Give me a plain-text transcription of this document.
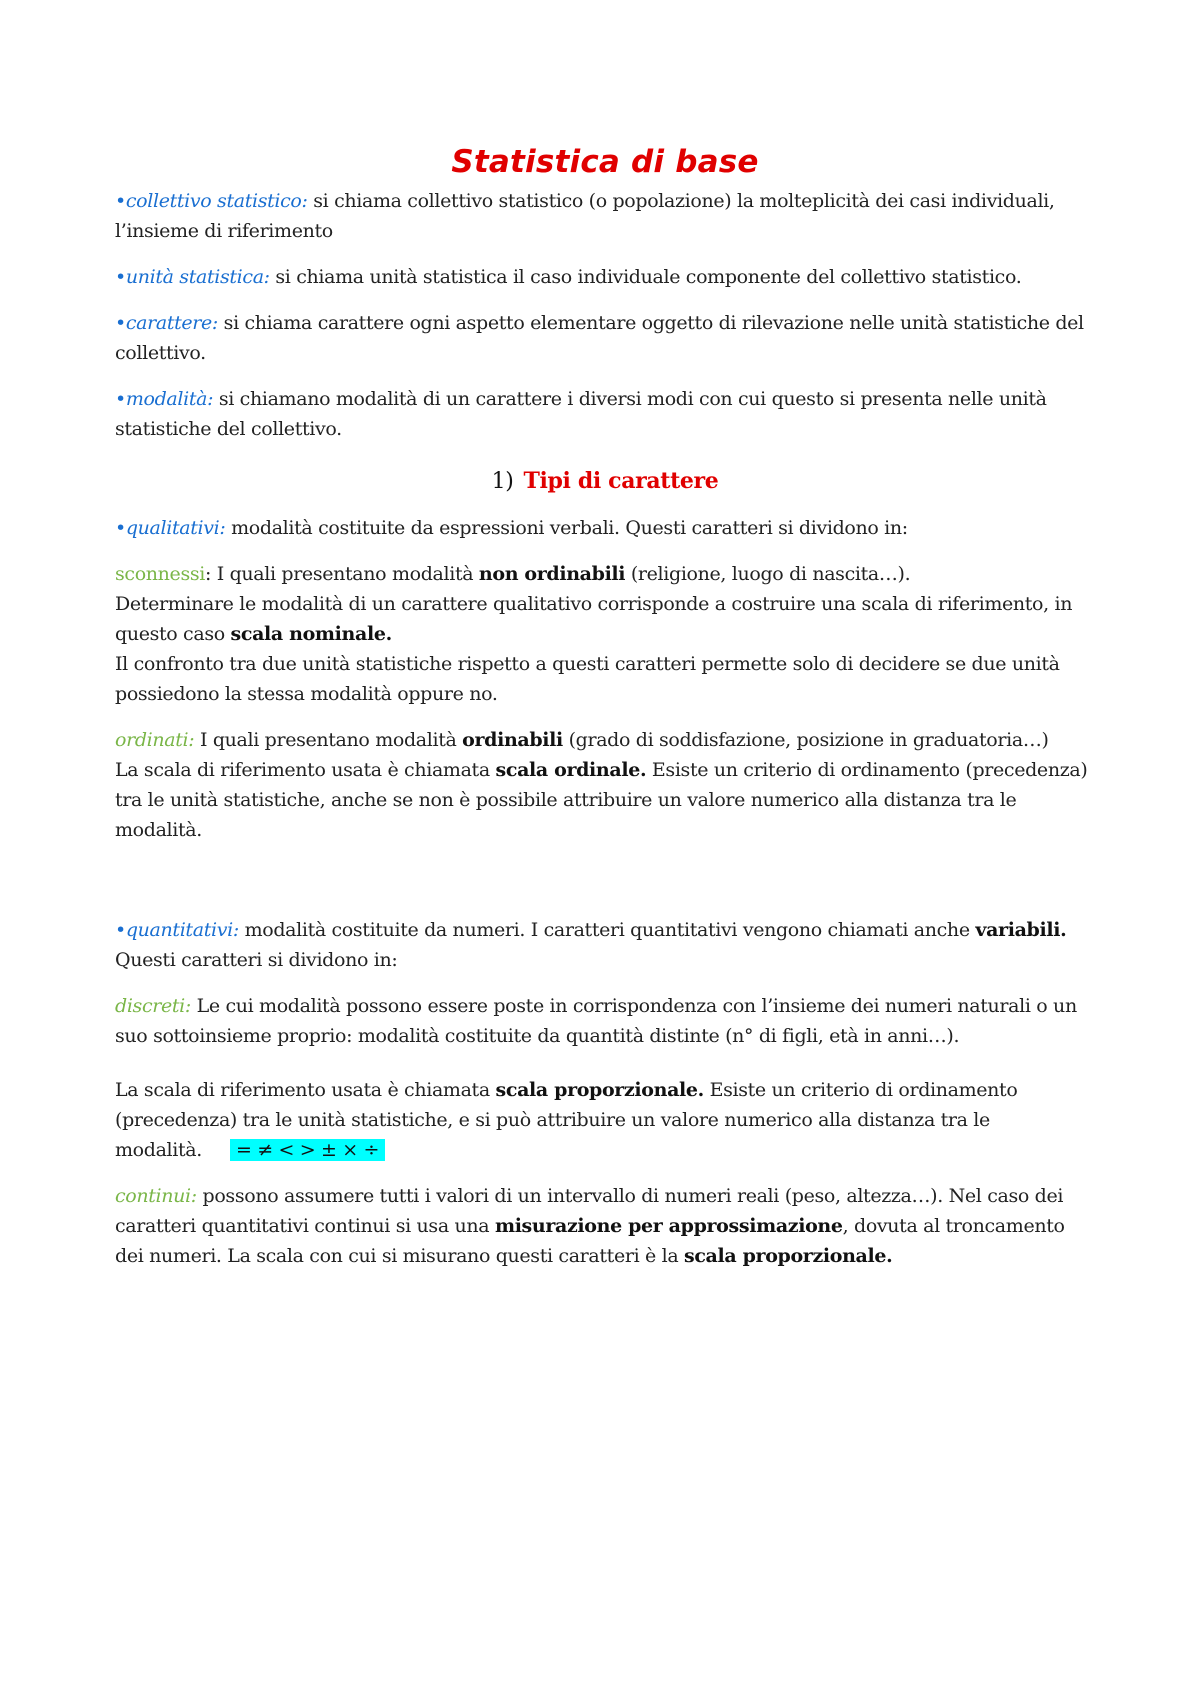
Statistica di base

•collettivo statistico: si chiama collettivo statistico (o popolazione) la molteplicità dei casi individuali, l’insieme di riferimento

•unità statistica: si chiama unità statistica il caso individuale componente del collettivo statistico.

•carattere: si chiama carattere ogni aspetto elementare oggetto di rilevazione nelle unità statistiche del collettivo.

•modalità: si chiamano modalità di un carattere i diversi modi con cui questo si presenta nelle unità statistiche del collettivo.

1) Tipi di carattere

•qualitativi: modalità costituite da espressioni verbali. Questi caratteri si dividono in:

sconnessi: I quali presentano modalità non ordinabili (religione, luogo di nascita…).
Determinare le modalità di un carattere qualitativo corrisponde a costruire una scala di riferimento, in questo caso scala nominale.
Il confronto tra due unità statistiche rispetto a questi caratteri permette solo di decidere se due unità possiedono la stessa modalità oppure no.

ordinati: I quali presentano modalità ordinabili (grado di soddisfazione, posizione in graduatoria…)
La scala di riferimento usata è chiamata scala ordinale. Esiste un criterio di ordinamento (precedenza) tra le unità statistiche, anche se non è possibile attribuire un valore numerico alla distanza tra le modalità.

•quantitativi: modalità costituite da numeri. I caratteri quantitativi vengono chiamati anche variabili. Questi caratteri si dividono in:

discreti: Le cui modalità possono essere poste in corrispondenza con l’insieme dei numeri naturali o un suo sottoinsieme proprio: modalità costituite da quantità distinte (n° di figli, età in anni…).

La scala di riferimento usata è chiamata scala proporzionale. Esiste un criterio di ordinamento (precedenza) tra le unità statistiche, e si può attribuire un valore numerico alla distanza tra le modalità. = ≠ < > ± × ÷

continui: possono assumere tutti i valori di un intervallo di numeri reali (peso, altezza…). Nel caso dei caratteri quantitativi continui si usa una misurazione per approssimazione, dovuta al troncamento dei numeri. La scala con cui si misurano questi caratteri è la scala proporzionale.
